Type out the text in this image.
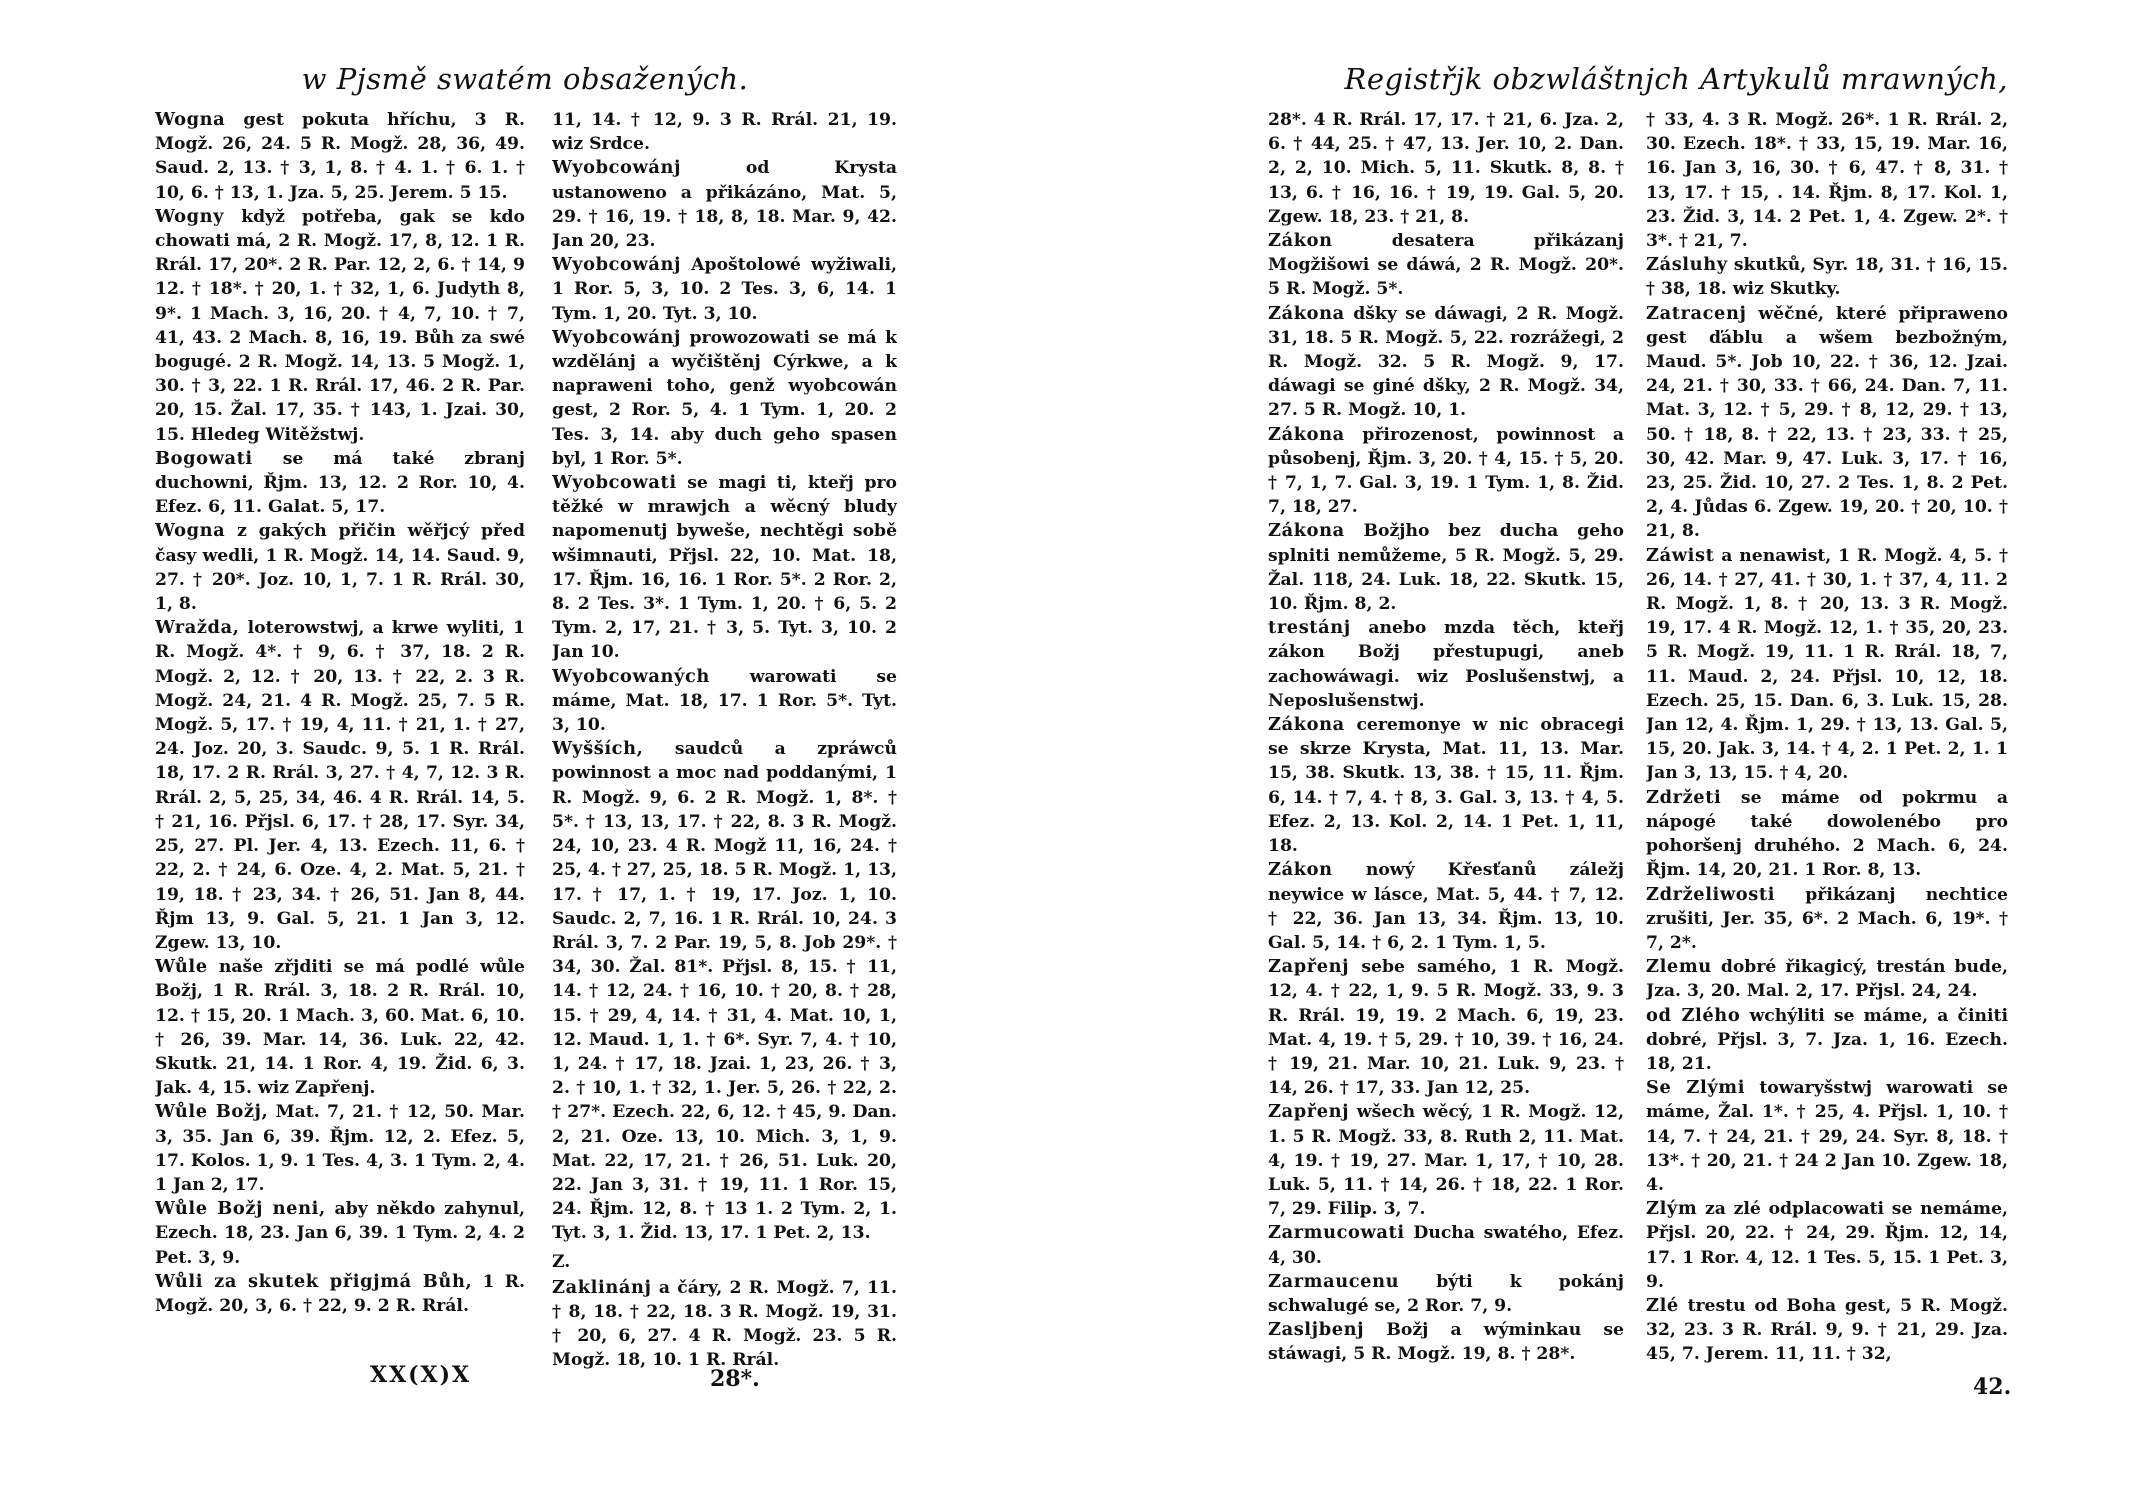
w Pjsmě swatém obsažených.

Wogna gest pokuta hříchu, 3 R. Mogž. 26, 24. 5 R. Mogž. 28, 36, 49. Saud. 2, 13. † 3, 1, 8. † 4. 1. † 6. 1. † 10, 6. † 13, 1. Jza. 5, 25. Jerem. 5 15.

Wogny když potřeba, gak se kdo chowati má, 2 R. Mogž. 17, 8, 12. 1 R. Rrál. 17, 20*. 2 R. Par. 12, 2, 6. † 14, 9 12. † 18*. † 20, 1. † 32, 1, 6. Judyth 8, 9*. 1 Mach. 3, 16, 20. † 4, 7, 10. † 7, 41, 43. 2 Mach. 8, 16, 19. Bůh za swé bogugé. 2 R. Mogž. 14, 13. 5 Mogž. 1, 30. † 3, 22. 1 R. Rrál. 17, 46. 2 R. Par. 20, 15. Žal. 17, 35. † 143, 1. Jzai. 30, 15. Hledeg Witěžstwj.

Bogowati se má také zbranj duchowni, Řjm. 13, 12. 2 Ror. 10, 4. Efez. 6, 11. Galat. 5, 17.

Wogna z gakých přičin wěřjcý před časy wedli, 1 R. Mogž. 14, 14. Saud. 9, 27. † 20*. Joz. 10, 1, 7. 1 R. Rrál. 30, 1, 8.

Wražda, loterowstwj, a krwe wyliti, 1 R. Mogž. 4*. † 9, 6. † 37, 18. 2 R. Mogž. 2, 12. † 20, 13. † 22, 2. 3 R. Mogž. 24, 21. 4 R. Mogž. 25, 7. 5 R. Mogž. 5, 17. † 19, 4, 11. † 21, 1. † 27, 24. Joz. 20, 3. Saudc. 9, 5. 1 R. Rrál. 18, 17. 2 R. Rrál. 3, 27. † 4, 7, 12. 3 R. Rrál. 2, 5, 25, 34, 46. 4 R. Rrál. 14, 5. † 21, 16. Přjsl. 6, 17. † 28, 17. Syr. 34, 25, 27. Pl. Jer. 4, 13. Ezech. 11, 6. † 22, 2. † 24, 6. Oze. 4, 2. Mat. 5, 21. † 19, 18. † 23, 34. † 26, 51. Jan 8, 44. Řjm 13, 9. Gal. 5, 21. 1 Jan 3, 12. Zgew. 13, 10.

Wůle naše zřjditi se má podlé wůle Božj, 1 R. Rrál. 3, 18. 2 R. Rrál. 10, 12. † 15, 20. 1 Mach. 3, 60. Mat. 6, 10. † 26, 39. Mar. 14, 36. Luk. 22, 42. Skutk. 21, 14. 1 Ror. 4, 19. Žid. 6, 3. Jak. 4, 15. wiz Zapřenj.

Wůle Božj, Mat. 7, 21. † 12, 50. Mar. 3, 35. Jan 6, 39. Řjm. 12, 2. Efez. 5, 17. Kolos. 1, 9. 1 Tes. 4, 3. 1 Tym. 2, 4. 1 Jan 2, 17.

Wůle Božj neni, aby někdo zahynul, Ezech. 18, 23. Jan 6, 39. 1 Tym. 2, 4. 2 Pet. 3, 9.

Wůli za skutek přigjmá Bůh, 1 R. Mogž. 20, 3, 6. † 22, 9. 2 R. Rrál.

11, 14. † 12, 9. 3 R. Rrál. 21, 19. wiz Srdce.

Wyobcowánj od Krysta ustanoweno a přikázáno, Mat. 5, 29. † 16, 19. † 18, 8, 18. Mar. 9, 42. Jan 20, 23.

Wyobcowánj Apoštolowé wyžiwali, 1 Ror. 5, 3, 10. 2 Tes. 3, 6, 14. 1 Tym. 1, 20. Tyt. 3, 10.

Wyobcowánj prowozowati se má k wzdělánj a wyčištěnj Cýrkwe, a k napraweni toho, genž wyobcowán gest, 2 Ror. 5, 4. 1 Tym. 1, 20. 2 Tes. 3, 14. aby duch geho spasen byl, 1 Ror. 5*.

Wyobcowati se magi ti, kteřj pro těžké w mrawjch a wěcný bludy napomenutj byweše, nechtěgi sobě wšimnauti, Přjsl. 22, 10. Mat. 18, 17. Řjm. 16, 16. 1 Ror. 5*. 2 Ror. 2, 8. 2 Tes. 3*. 1 Tym. 1, 20. † 6, 5. 2 Tym. 2, 17, 21. † 3, 5. Tyt. 3, 10. 2 Jan 10.

Wyobcowaných warowati se máme, Mat. 18, 17. 1 Ror. 5*. Tyt. 3, 10.

Wyšších, saudců a zpráwců powinnost a moc nad poddanými, 1 R. Mogž. 9, 6. 2 R. Mogž. 1, 8*. † 5*. † 13, 13, 17. † 22, 8. 3 R. Mogž. 24, 10, 23. 4 R. Mogž 11, 16, 24. † 25, 4. † 27, 25, 18. 5 R. Mogž. 1, 13, 17. † 17, 1. † 19, 17. Joz. 1, 10. Saudc. 2, 7, 16. 1 R. Rrál. 10, 24. 3 Rrál. 3, 7. 2 Par. 19, 5, 8. Job 29*. † 34, 30. Žal. 81*. Přjsl. 8, 15. † 11, 14. † 12, 24. † 16, 10. † 20, 8. † 28, 15. † 29, 4, 14. † 31, 4. Mat. 10, 1, 12. Maud. 1, 1. † 6*. Syr. 7, 4. † 10, 1, 24. † 17, 18. Jzai. 1, 23, 26. † 3, 2. † 10, 1. † 32, 1. Jer. 5, 26. † 22, 2. † 27*. Ezech. 22, 6, 12. † 45, 9. Dan. 2, 21. Oze. 13, 10. Mich. 3, 1, 9. Mat. 22, 17, 21. † 26, 51. Luk. 20, 22. Jan 3, 31. † 19, 11. 1 Ror. 15, 24. Řjm. 12, 8. † 13 1. 2 Tym. 2, 1. Tyt. 3, 1. Žid. 13, 17. 1 Pet. 2, 13.

Z.

Zaklinánj a čáry, 2 R. Mogž. 7, 11. † 8, 18. † 22, 18. 3 R. Mogž. 19, 31. † 20, 6, 27. 4 R. Mogž. 23. 5 R. Mogž. 18, 10. 1 R. Rrál.

XX(X)X	28*.
Registřjk obzwláštnjch Artykulů mrawných,

28*. 4 R. Rrál. 17, 17. † 21, 6. Jza. 2, 6. † 44, 25. † 47, 13. Jer. 10, 2. Dan. 2, 2, 10. Mich. 5, 11. Skutk. 8, 8. † 13, 6. † 16, 16. † 19, 19. Gal. 5, 20. Zgew. 18, 23. † 21, 8.

Zákon desatera přikázanj Mogžišowi se dáwá, 2 R. Mogž. 20*. 5 R. Mogž. 5*.

Zákona dšky se dáwagi, 2 R. Mogž. 31, 18. 5 R. Mogž. 5, 22. rozrážegi, 2 R. Mogž. 32. 5 R. Mogž. 9, 17. dáwagi se giné dšky, 2 R. Mogž. 34, 27. 5 R. Mogž. 10, 1.

Zákona přirozenost, powinnost a působenj, Řjm. 3, 20. † 4, 15. † 5, 20. † 7, 1, 7. Gal. 3, 19. 1 Tym. 1, 8. Žid. 7, 18, 27.

Zákona Božjho bez ducha geho splniti nemůžeme, 5 R. Mogž. 5, 29. Žal. 118, 24. Luk. 18, 22. Skutk. 15, 10. Řjm. 8, 2.

trestánj anebo mzda těch, kteřj zákon Božj přestupugi, aneb zachowáwagi. wiz Poslušenstwj, a Neposlušenstwj.

Zákona ceremonye w nic obracegi se skrze Krysta, Mat. 11, 13. Mar. 15, 38. Skutk. 13, 38. † 15, 11. Řjm. 6, 14. † 7, 4. † 8, 3. Gal. 3, 13. † 4, 5. Efez. 2, 13. Kol. 2, 14. 1 Pet. 1, 11, 18.

Zákon nowý Křesťanů záležj neywice w lásce, Mat. 5, 44. † 7, 12. † 22, 36. Jan 13, 34. Řjm. 13, 10. Gal. 5, 14. † 6, 2. 1 Tym. 1, 5.

Zapřenj sebe samého, 1 R. Mogž. 12, 4. † 22, 1, 9. 5 R. Mogž. 33, 9. 3 R. Rrál. 19, 19. 2 Mach. 6, 19, 23. Mat. 4, 19. † 5, 29. † 10, 39. † 16, 24. † 19, 21. Mar. 10, 21. Luk. 9, 23. † 14, 26. † 17, 33. Jan 12, 25.

Zapřenj wšech wěcý, 1 R. Mogž. 12, 1. 5 R. Mogž. 33, 8. Ruth 2, 11. Mat. 4, 19. † 19, 27. Mar. 1, 17, † 10, 28. Luk. 5, 11. † 14, 26. † 18, 22. 1 Ror. 7, 29. Filip. 3, 7.

Zarmucowati Ducha swatého, Efez. 4, 30.

Zarmaucenu býti k pokánj schwalugé se, 2 Ror. 7, 9.

Zaslјbenj Božj a wýminkau se stáwagi, 5 R. Mogž. 19, 8. † 28*.

† 33, 4. 3 R. Mogž. 26*. 1 R. Rrál. 2, 30. Ezech. 18*. † 33, 15, 19. Mar. 16, 16. Jan 3, 16, 30. † 6, 47. † 8, 31. † 13, 17. † 15, . 14. Řjm. 8, 17. Kol. 1, 23. Žid. 3, 14. 2 Pet. 1, 4. Zgew. 2*. † 3*. † 21, 7.

Zásluhy skutků, Syr. 18, 31. † 16, 15. † 38, 18. wiz Skutky.

Zatracenj wěčné, které připraweno gest ďáblu a wšem bezbožným, Maud. 5*. Job 10, 22. † 36, 12. Jzai. 24, 21. † 30, 33. † 66, 24. Dan. 7, 11. Mat. 3, 12. † 5, 29. † 8, 12, 29. † 13, 50. † 18, 8. † 22, 13. † 23, 33. † 25, 30, 42. Mar. 9, 47. Luk. 3, 17. † 16, 23, 25. Žid. 10, 27. 2 Tes. 1, 8. 2 Pet. 2, 4. Jůdas 6. Zgew. 19, 20. † 20, 10. † 21, 8.

Záwist a nenawist, 1 R. Mogž. 4, 5. † 26, 14. † 27, 41. † 30, 1. † 37, 4, 11. 2 R. Mogž. 1, 8. † 20, 13. 3 R. Mogž. 19, 17. 4 R. Mogž. 12, 1. † 35, 20, 23. 5 R. Mogž. 19, 11. 1 R. Rrál. 18, 7, 11. Maud. 2, 24. Přjsl. 10, 12, 18. Ezech. 25, 15. Dan. 6, 3. Luk. 15, 28. Jan 12, 4. Řjm. 1, 29. † 13, 13. Gal. 5, 15, 20. Jak. 3, 14. † 4, 2. 1 Pet. 2, 1. 1 Jan 3, 13, 15. † 4, 20.

Zdržeti se máme od pokrmu a nápogé také dowolenébo pro pohoršenj druhého. 2 Mach. 6, 24. Řjm. 14, 20, 21. 1 Ror. 8, 13.

Zdrželiwosti přikázanj nechtice zrušiti, Jer. 35, 6*. 2 Mach. 6, 19*. † 7, 2*.

Zlemu dobré řikagicý, trestán bude, Jza. 3, 20. Mal. 2, 17. Přjsl. 24, 24.

od Zlého wchýliti se máme, a činiti dobré, Přjsl. 3, 7. Jza. 1, 16. Ezech. 18, 21.

Se Zlými towaryšstwj warowati se máme, Žal. 1*. † 25, 4. Přjsl. 1, 10. † 14, 7. † 24, 21. † 29, 24. Syr. 8, 18. † 13*. † 20, 21. † 24 2 Jan 10. Zgew. 18, 4.

Zlým za zlé odplacowati se nemáme, Přjsl. 20, 22. † 24, 29. Řjm. 12, 14, 17. 1 Ror. 4, 12. 1 Tes. 5, 15. 1 Pet. 3, 9.

Zlé trestu od Boha gest, 5 R. Mogž. 32, 23. 3 R. Rrál. 9, 9. † 21, 29. Jza. 45, 7. Jerem. 11, 11. † 32,

42.
